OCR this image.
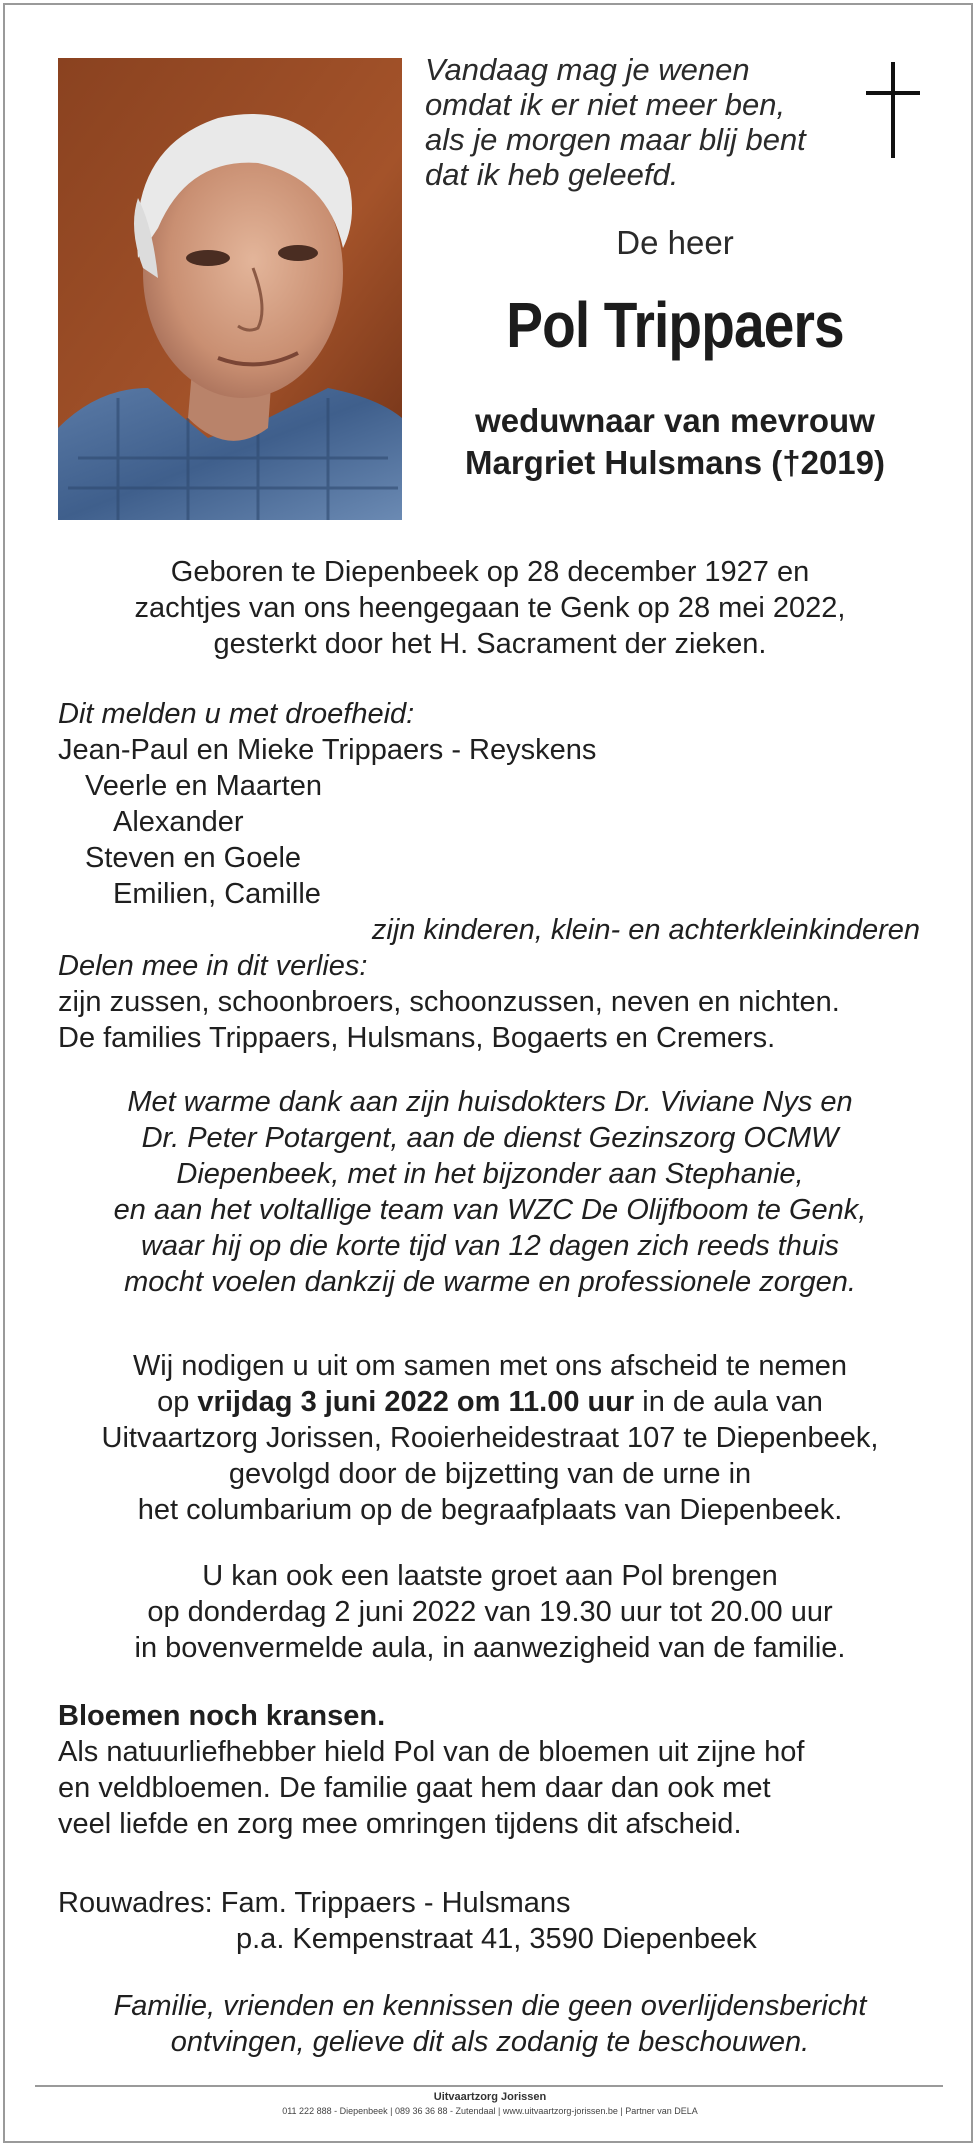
Vandaag mag je wenen
omdat ik er niet meer ben,
als je morgen maar blij bent
dat ik heb geleefd.
De heer
Pol Trippaers
weduwnaar van mevrouw
Margriet Hulsmans (†2019)
Geboren te Diepenbeek op 28 december 1927 en
zachtjes van ons heengegaan te Genk op 28 mei 2022,
gesterkt door het H. Sacrament der zieken.
Dit melden u met droefheid:
Jean-Paul en Mieke Trippaers - Reyskens
Veerle en Maarten
Alexander
Steven en Goele
Emilien, Camille
zijn kinderen, klein- en achterkleinkinderen
Delen mee in dit verlies:
zijn zussen, schoonbroers, schoonzussen, neven en nichten.
De families Trippaers, Hulsmans, Bogaerts en Cremers.
Met warme dank aan zijn huisdokters Dr. Viviane Nys en
Dr. Peter Potargent, aan de dienst Gezinszorg OCMW
Diepenbeek, met in het bijzonder aan Stephanie,
en aan het voltallige team van WZC De Olijfboom te Genk,
waar hij op die korte tijd van 12 dagen zich reeds thuis
mocht voelen dankzij de warme en professionele zorgen.
Wij nodigen u uit om samen met ons afscheid te nemen
op vrijdag 3 juni 2022 om 11.00 uur in de aula van
Uitvaartzorg Jorissen, Rooierheidestraat 107 te Diepenbeek,
gevolgd door de bijzetting van de urne in
het columbarium op de begraafplaats van Diepenbeek.
U kan ook een laatste groet aan Pol brengen
op donderdag 2 juni 2022 van 19.30 uur tot 20.00 uur
in bovenvermelde aula, in aanwezigheid van de familie.
Bloemen noch kransen.
Als natuurliefhebber hield Pol van de bloemen uit zijne hof
en veldbloemen. De familie gaat hem daar dan ook met
veel liefde en zorg mee omringen tijdens dit afscheid.
Rouwadres: Fam. Trippaers - Hulsmans
p.a. Kempenstraat 41, 3590 Diepenbeek
Familie, vrienden en kennissen die geen overlijdensbericht
ontvingen, gelieve dit als zodanig te beschouwen.
Uitvaartzorg Jorissen
011 222 888 - Diepenbeek | 089 36 36 88 - Zutendaal | www.uitvaartzorg-jorissen.be | Partner van DELA
